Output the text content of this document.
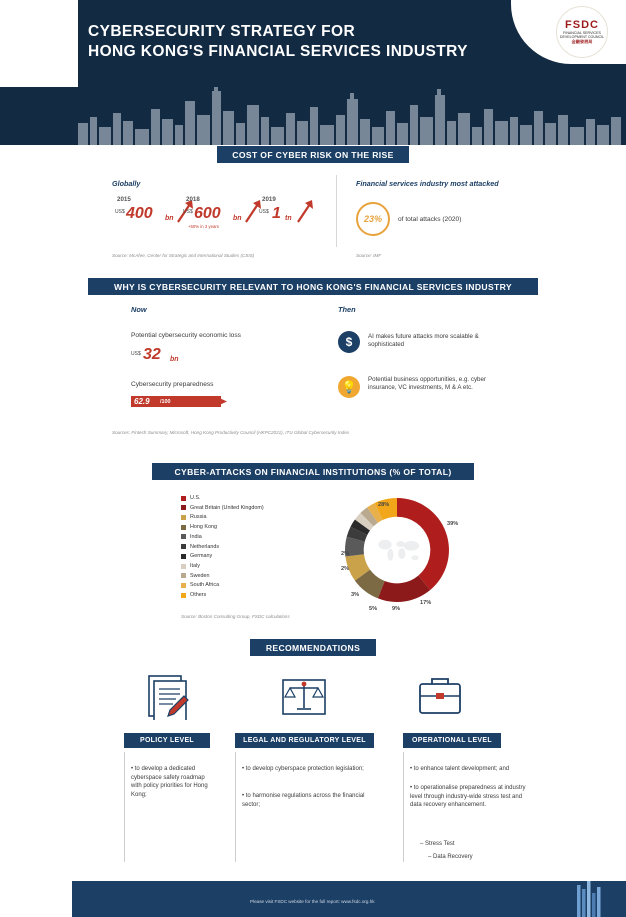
CYBERSECURITY STRATEGY FOR
HONG KONG'S FINANCIAL SERVICES INDUSTRY
FSDC
FINANCIAL SERVICES DEVELOPMENT COUNCIL
金融發展局
COST OF CYBER RISK ON THE RISE
Globally	Financial services industry most attacked
2015
US$ 400 bn
2018
US$ 600 bn
+50% in 3 years
2019
US$ 1 tn
Source: McAfee, Center for Strategic and International Studies (CSIS)	Source: IMF
23%	of total attacks (2020)
WHY IS CYBERSECURITY RELEVANT TO HONG KONG'S FINANCIAL SERVICES INDUSTRY
Now	Then
Potential cybersecurity economic loss
US$ 32 bn
Cybersecurity preparedness
62.9 /100
$	AI makes future attacks more scalable & sophisticated
💡
Potential business opportunities, e.g. cyber insurance, VC investments, M & A etc.
Sources: Fintech Summary, Microsoft, Hong Kong Productivity Council (HKPC2021), ITU Global Cybersecurity Index
CYBER-ATTACKS ON FINANCIAL INSTITUTIONS (% OF TOTAL)
U.S.
Great Britain (United Kingdom)
Russia
Hong Kong
India
Netherlands
Germany
Italy
Sweden
South Africa
Others
39%
17%
9%
5%
3%
2%
2%
28%
Source: Boston Consulting Group, FSDC calculations
RECOMMENDATIONS
POLICY LEVEL	LEGAL AND REGULATORY LEVEL	OPERATIONAL LEVEL
• to develop a dedicated cyberspace safety roadmap with policy priorities for Hong Kong;
• to develop cyberspace protection legislation;
• to harmonise regulations across the financial sector;
• to enhance talent development; and
• to operationalise preparedness at industry level through industry-wide stress test and data recovery enhancement.
– Stress Test
– Data Recovery
Please visit FSDC website for the full report: www.fsdc.org.hk
